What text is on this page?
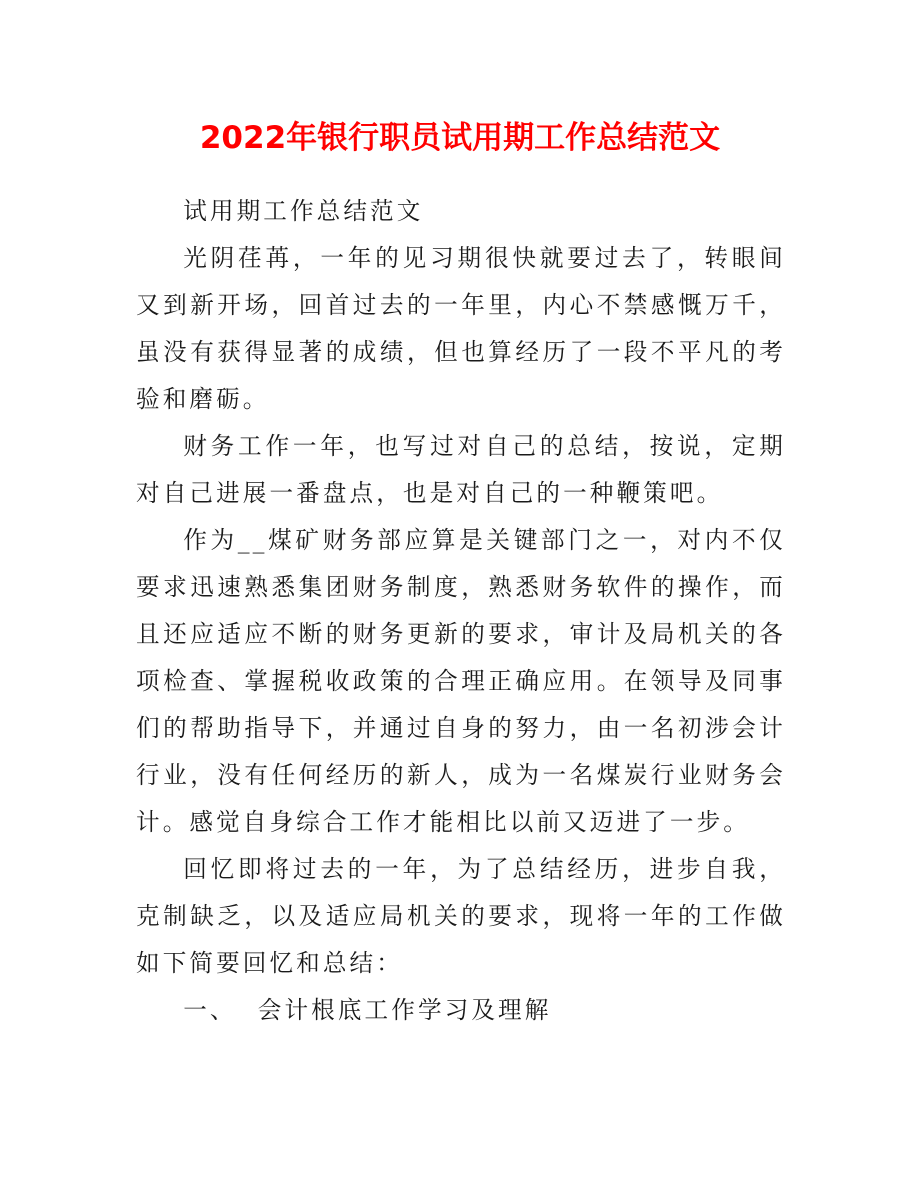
2022年银行职员试用期工作总结范文

试用期工作总结范文

光阴荏苒，一年的见习期很快就要过去了，转眼间又到新开场，回首过去的一年里，内心不禁感慨万千，虽没有获得显著的成绩，但也算经历了一段不平凡的考验和磨砺。

财务工作一年，也写过对自己的总结，按说，定期对自己进展一番盘点，也是对自己的一种鞭策吧。

作为__煤矿财务部应算是关键部门之一，对内不仅要求迅速熟悉集团财务制度，熟悉财务软件的操作，而且还应适应不断的财务更新的要求，审计及局机关的各项检查、掌握税收政策的合理正确应用。在领导及同事们的帮助指导下，并通过自身的努力，由一名初涉会计行业，没有任何经历的新人，成为一名煤炭行业财务会计。感觉自身综合工作才能相比以前又迈进了一步。

回忆即将过去的一年，为了总结经历，进步自我，克制缺乏，以及适应局机关的要求，现将一年的工作做如下简要回忆和总结：

一、 会计根底工作学习及理解
